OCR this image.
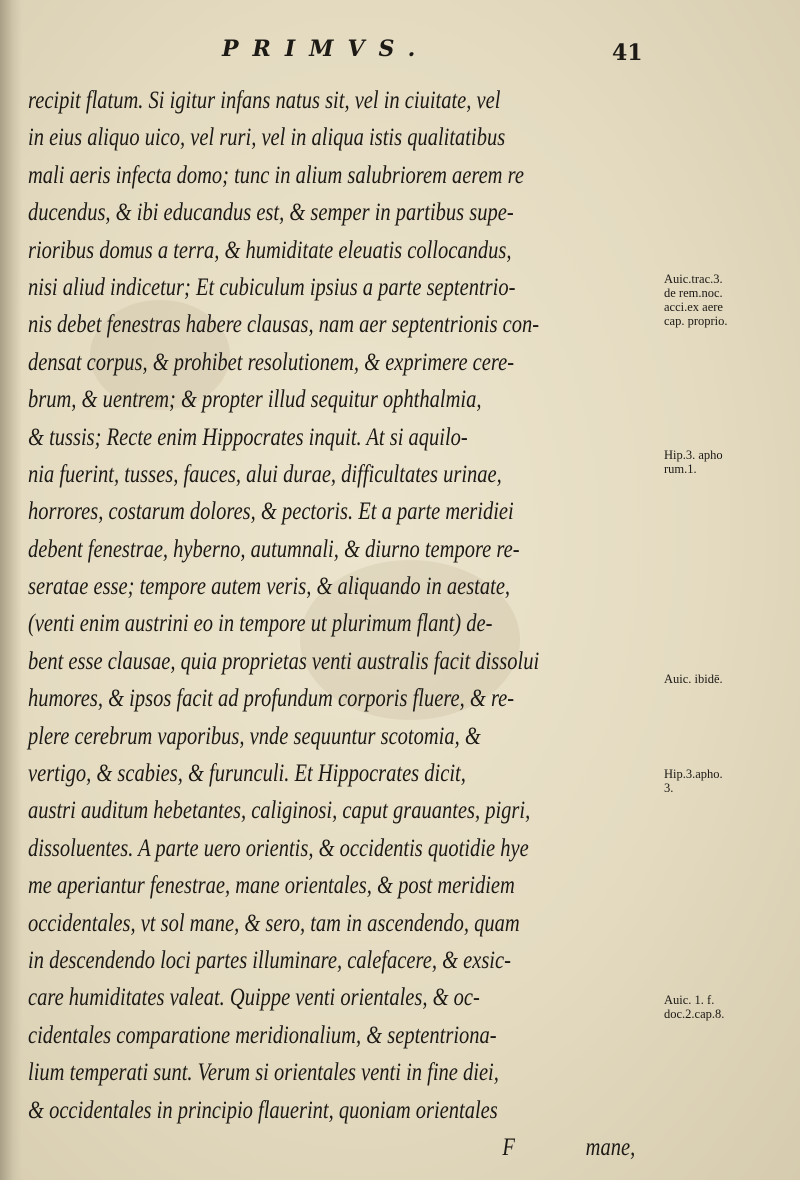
PRIMVS.	41
recipit flatum. Si igitur infans natus sit, vel in ciuitate, vel
in eius aliquo uico, vel ruri, vel in aliqua istis qualitatibus
mali aeris infecta domo; tunc in alium salubriorem aerem re
ducendus, & ibi educandus est, & semper in partibus supe-
rioribus domus a terra, & humiditate eleuatis collocandus,
nisi aliud indicetur; Et cubiculum ipsius a parte septentrio-
nis debet fenestras habere clausas, nam aer septentrionis con-
densat corpus, & prohibet resolutionem, & exprimere cere-
brum, & uentrem; & propter illud sequitur ophthalmia,
& tussis; Recte enim Hippocrates inquit. At si aquilo-
nia fuerint, tusses, fauces, alui durae, difficultates urinae,
horrores, costarum dolores, & pectoris. Et a parte meridiei
debent fenestrae, hyberno, autumnali, & diurno tempore re-
seratae esse; tempore autem veris, & aliquando in aestate,
(venti enim austrini eo in tempore ut plurimum flant) de-
bent esse clausae, quia proprietas venti australis facit dissolui
humores, & ipsos facit ad profundum corporis fluere, & re-
plere cerebrum vaporibus, vnde sequuntur scotomia, &
vertigo, & scabies, & furunculi. Et Hippocrates dicit,
austri auditum hebetantes, caliginosi, caput grauantes, pigri,
dissoluentes. A parte uero orientis, & occidentis quotidie hye
me aperiantur fenestrae, mane orientales, & post meridiem
occidentales, vt sol mane, & sero, tam in ascendendo, quam
in descendendo loci partes illuminare, calefacere, & exsic-
care humiditates valeat. Quippe venti orientales, & oc-
cidentales comparatione meridionalium, & septentriona-
lium temperati sunt. Verum si orientales venti in fine diei,
& occidentales in principio flauerint, quoniam orientales
F	mane,
Auic.trac.3.
de rem.noc.
acci.ex aere
cap. proprio.
Hip.3. apho
rum.1.
Auic. ibidē.
Hip.3.apho.
3.
Auic. 1. f.
doc.2.cap.8.
